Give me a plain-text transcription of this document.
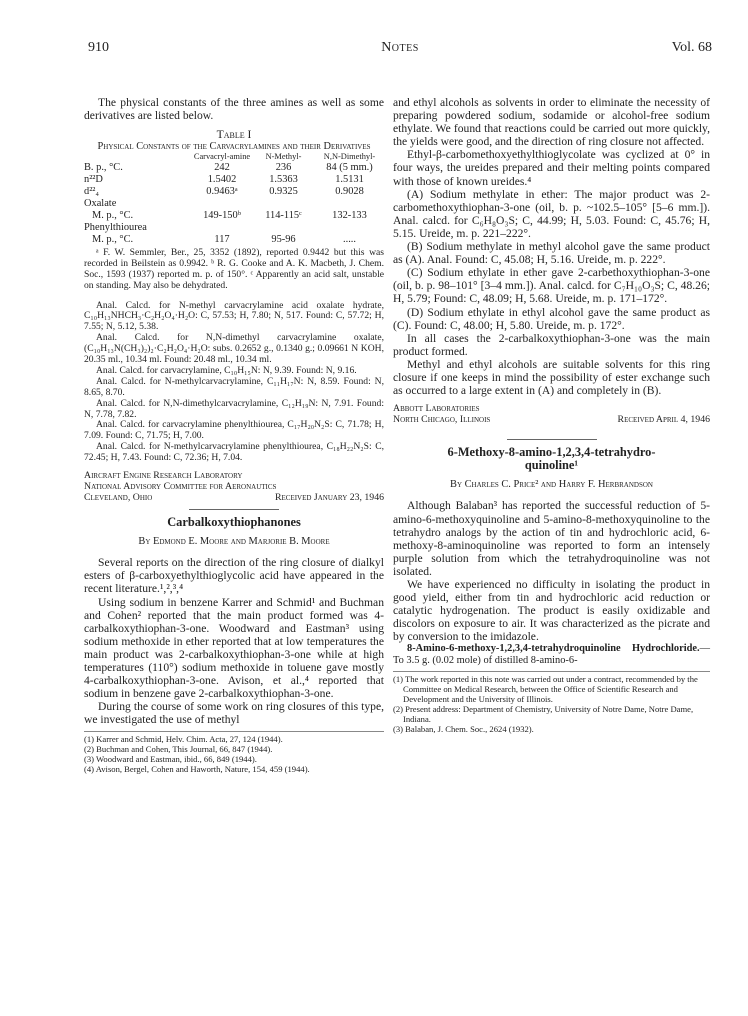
910	Notes	Vol. 68

The physical constants of the three amines as well as some derivatives are listed below.

Table I
Physical Constants of the Carvacrylamines and their Derivatives
	Carvacryl-amine	N-Methyl-	N,N-Dimethyl-
B. p., °C.	242	236	84 (5 mm.)
n²²D	1.5402	1.5363	1.5131
d²²₄	0.9463ᵃ	0.9325	0.9028
Oxalate			
M. p., °C.	149-150ᵇ	114-115ᶜ	132-133
Phenylthiourea			
M. p., °C.	117	95-96	.....

ᵃ F. W. Semmler, Ber., 25, 3352 (1892), reported 0.9442 but this was recorded in Beilstein as 0.9942. ᵇ R. G. Cooke and A. K. Macbeth, J. Chem. Soc., 1593 (1937) reported m. p. of 150°. ᶜ Apparently an acid salt, unstable on standing. May also be dehydrated.

Anal. Calcd. for N-methyl carvacrylamine acid oxalate hydrate, C₁₀H₁₃NHCH₃·C₂H₂O₄·H₂O: C, 57.53; H, 7.80; N, 517. Found: C, 57.72; H, 7.55; N, 5.12, 5.38.

Anal. Calcd. for N,N-dimethyl carvacrylamine oxalate, (C₁₀H₁₃N(CH₃)₂)₂·C₂H₂O₄·H₂O: subs. 0.2652 g., 0.1340 g.; 0.09661 N KOH, 20.35 ml., 10.34 ml. Found: 20.48 ml., 10.34 ml.

Anal. Calcd. for carvacrylamine, C₁₀H₁₅N: N, 9.39. Found: N, 9.16.

Anal. Calcd. for N-methylcarvacrylamine, C₁₁H₁₇N: N, 8.59. Found: N, 8.65, 8.70.

Anal. Calcd. for N,N-dimethylcarvacrylamine, C₁₂H₁₉N: N, 7.91. Found: N, 7.78, 7.82.

Anal. Calcd. for carvacrylamine phenylthiourea, C₁₇H₂₀N₂S: C, 71.78; H, 7.09. Found: C, 71.75; H, 7.00.

Anal. Calcd. for N-methylcarvacrylamine phenylthiourea, C₁₈H₂₂N₂S: C, 72.45; H, 7.43. Found: C, 72.36; H, 7.04.

Aircraft Engine Research Laboratory
National Advisory Committee for Aeronautics
Cleveland, Ohio	Received January 23, 1946
Carbalkoxythiophanones
By Edmond E. Moore and Marjorie B. Moore

Several reports on the direction of the ring closure of dialkyl esters of β-carboxyethylthioglycolic acid have appeared in the recent literature.¹,²,³,⁴

Using sodium in benzene Karrer and Schmid¹ and Buchman and Cohen² reported that the main product formed was 4-carbalkoxythiophan-3-one. Woodward and Eastman³ using sodium methoxide in ether reported that at low temperatures the main product was 2-carbalkoxythiophan-3-one while at high temperatures (110°) sodium methoxide in toluene gave mostly 4-carbalkoxythiophan-3-one. Avison, et al.,⁴ reported that sodium in benzene gave 2-carbalkoxythiophan-3-one.

During the course of some work on ring closures of this type, we investigated the use of methyl

(1) Karrer and Schmid, Helv. Chim. Acta, 27, 124 (1944).
(2) Buchman and Cohen, This Journal, 66, 847 (1944).
(3) Woodward and Eastman, ibid., 66, 849 (1944).
(4) Avison, Bergel, Cohen and Haworth, Nature, 154, 459 (1944).

and ethyl alcohols as solvents in order to eliminate the necessity of preparing powdered sodium, sodamide or alcohol-free sodium ethylate. We found that reactions could be carried out more quickly, the yields were good, and the direction of ring closure not affected.

Ethyl-β-carbomethoxyethylthioglycolate was cyclized at 0° in four ways, the ureides prepared and their melting points compared with those of known ureides.⁴

(A) Sodium methylate in ether: The major product was 2-carbomethoxythiophan-3-one (oil, b. p. ~102.5–105° [5–6 mm.]). Anal. calcd. for C₆H₈O₃S; C, 44.99; H, 5.03. Found: C, 45.76; H, 5.15. Ureide, m. p. 221–222°.

(B) Sodium methylate in methyl alcohol gave the same product as (A). Anal. Found: C, 45.08; H, 5.16. Ureide, m. p. 222°.

(C) Sodium ethylate in ether gave 2-carbethoxythiophan-3-one (oil, b. p. 98–101° [3–4 mm.]). Anal. calcd. for C₇H₁₀O₃S; C, 48.26; H, 5.79; Found: C, 48.09; H, 5.68. Ureide, m. p. 171–172°.

(D) Sodium ethylate in ethyl alcohol gave the same product as (C). Found: C, 48.00; H, 5.80. Ureide, m. p. 172°.

In all cases the 2-carbalkoxythiophan-3-one was the main product formed.

Methyl and ethyl alcohols are suitable solvents for this ring closure if one keeps in mind the possibility of ester exchange such as occurred to a large extent in (A) and completely in (B).

Abbott Laboratories
North Chicago, Illinois	Received April 4, 1946
6-Methoxy-8-amino-1,2,3,4-tetrahydro-
quinoline¹
By Charles C. Price² and Harry F. Herbrandson

Although Balaban³ has reported the successful reduction of 5-amino-6-methoxyquinoline and 5-amino-8-methoxyquinoline to the tetrahydro analogs by the action of tin and hydrochloric acid, 6-methoxy-8-aminoquinoline was reported to form an intensely purple solution from which the tetrahydroquinoline was not isolated.

We have experienced no difficulty in isolating the product in good yield, either from tin and hydrochloric acid reduction or catalytic hydrogenation. The product is easily oxidizable and discolors on exposure to air. It was characterized as the picrate and by conversion to the imidazole.

8-Amino-6-methoxy-1,2,3,4-tetrahydroquinoline Hydrochloride.—To 3.5 g. (0.02 mole) of distilled 8-amino-6-

(1) The work reported in this note was carried out under a contract, recommended by the Committee on Medical Research, between the Office of Scientific Research and Development and the University of Illinois.
(2) Present address: Department of Chemistry, University of Notre Dame, Notre Dame, Indiana.
(3) Balaban, J. Chem. Soc., 2624 (1932).
